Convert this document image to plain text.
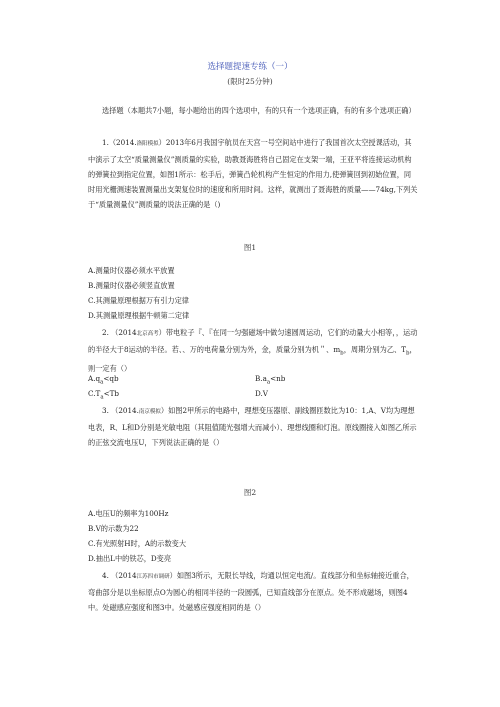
选择题提速专练（一）
(限时25分钟)
选择题（本题共7小题，每小题给出的四个选项中，有的只有一个选项正确，有的有多个选项正确）
1.（2014.洛阳模拟）2013年6月我国宇航员在天宫一号空间站中进行了我国首次太空授课活动，其中演示了太空“质量测量仪”测质量的实验，助教聂海胜将自己固定在支架一端，王亚平将连接运动机构的弹簧拉到指定位置，如图1所示：松手后，弹簧凸轮机构产生恒定的作用力,使弹簧回到初始位置，同时用光栅测速装置测量出支架复位时的速度和所用时间。这样，就测出了聂海胜的质量——74kg,下列关于“质量测量仪”测质量的说法正确的是（)
图1
A.测量时仪器必须水平放置
B.测量时仪器必须竖直放置
C.其测量原理根据万有引力定律
D.其测量原理根据牛顿第二定律
2. （2014北京高考）带电粒子『、『在同一匀强磁场中做匀速圆周运动，它们的动量大小相等，，运动的半径大于8运动的半径。若、、万的电荷量分别为外，金，质量分别为机＂、$m_b$，周期分别为乙、$T_b$，则一定有（）
$A.q_a<qb$	$B.a_a<nb$
$C.T_a<Tb$	D.V
3. （2014.南京模拟）如图2甲所示的电路中，理想变压器原、副线圈匝数比为10：1,A、V均为理想电表，R、L和D分别是光敏电阻（其阻值随光强增大而减小）、理想线圈和灯泡。原线圈接入如图乙所示的正弦交流电压U，下列说法正确的是（）
图2
A.电压U的频率为100Hz
B.V的示数为22
C.有光照射H时，A的示数变大
D.抽出L中的铁芯，D变亮
4. （2014江苏四市调研）如图3所示，无限长导线，均通以恒定电流/。直线部分和坐标轴接近重合，弯曲部分是以坐标原点O为圆心的相同半径的一段圆弧，已知直线部分在原点。处不形成磁场，则图4中。处磁感应强度和图3中。处磁感应强度相同的是（）
